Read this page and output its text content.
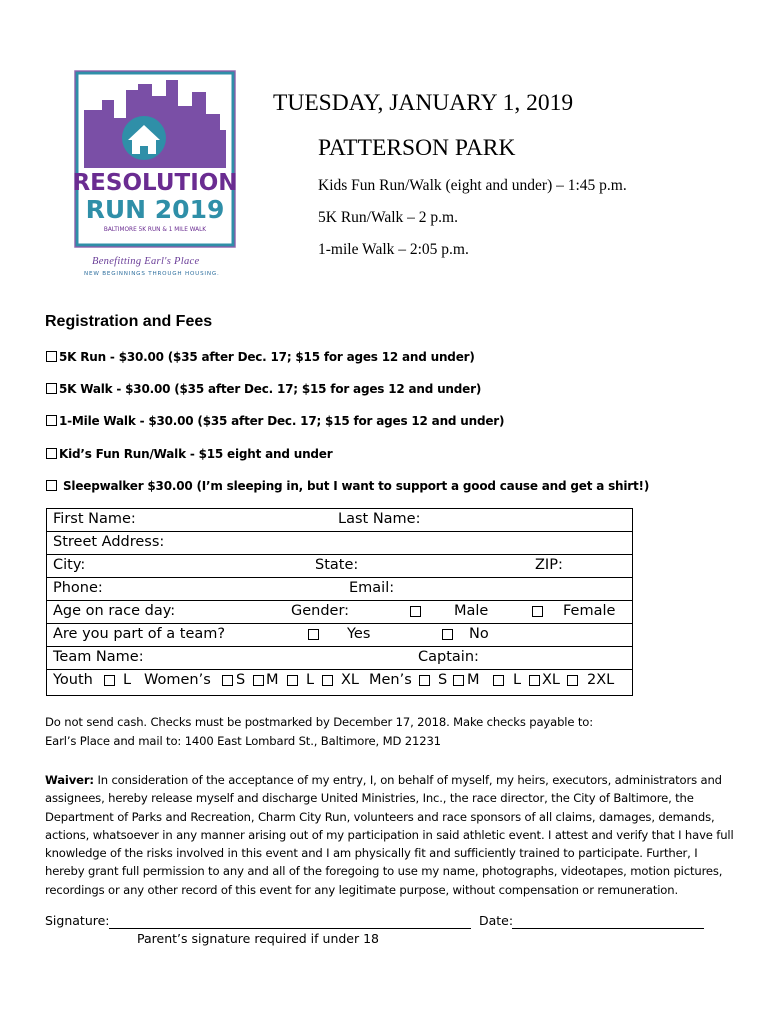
RESOLUTION
RUN 2019
BALTIMORE 5K RUN & 1 MILE WALK
Benefitting Earl's Place
NEW BEGINNINGS THROUGH HOUSING.
TUESDAY, JANUARY 1, 2019
PATTERSON PARK
Kids Fun Run/Walk (eight and under) – 1:45 p.m.
5K Run/Walk – 2 p.m.
1-mile Walk – 2:05 p.m.
Registration and Fees
5K Run - $30.00 ($35 after Dec. 17; $15 for ages 12 and under)
5K Walk - $30.00 ($35 after Dec. 17; $15 for ages 12 and under)
1-Mile Walk - $30.00 ($35 after Dec. 17; $15 for ages 12 and under)
Kid’s Fun Run/Walk - $15 eight and under
Sleepwalker $30.00 (I’m sleeping in, but I want to support a good cause and get a shirt!)
First Name:	Last Name:
Street Address:
City:	State:	ZIP:
Phone:	Email:
Age on race day:	Gender:	Male	Female
Are you part of a team?	Yes	No
Team Name:	Captain:
Youth L Women’s S M L XL Men’s S M L XL 2XL
Do not send cash. Checks must be postmarked by December 17, 2018. Make checks payable to:
Earl’s Place and mail to: 1400 East Lombard St., Baltimore, MD 21231
Waiver: In consideration of the acceptance of my entry, I, on behalf of myself, my heirs, executors, administrators and
assignees, hereby release myself and discharge United Ministries, Inc., the race director, the City of Baltimore, the
Department of Parks and Recreation, Charm City Run, volunteers and race sponsors of all claims, damages, demands,
actions, whatsoever in any manner arising out of my participation in said athletic event. I attest and verify that I have full
knowledge of the risks involved in this event and I am physically fit and sufficiently trained to participate. Further, I
hereby grant full permission to any and all of the foregoing to use my name, photographs, videotapes, motion pictures,
recordings or any other record of this event for any legitimate purpose, without compensation or remuneration.
Signature:	Date:
Parent’s signature required if under 18
